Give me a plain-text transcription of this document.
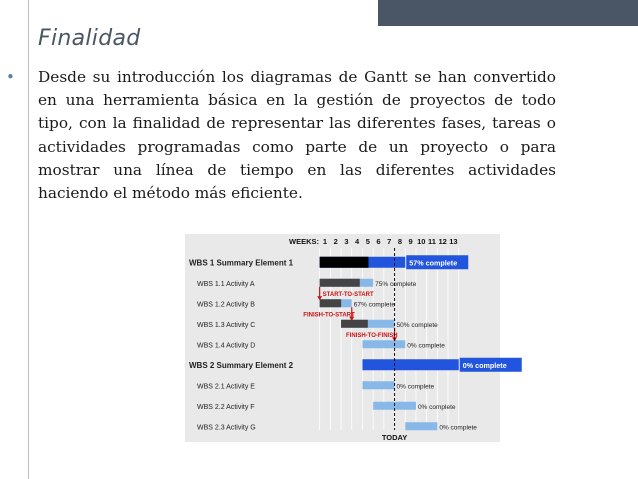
Finalidad
• Desde su introducción los diagramas de Gantt se han convertido en una herramienta básica en la gestión de proyectos de todo tipo, con la finalidad de representar las diferentes fases, tareas o actividades programadas como parte de un proyecto o para mostrar una línea de tiempo en las diferentes actividades haciendo el método más eficiente.
WEEKS: 1 2 3 4 5 6 7 8 9 10 11 12 13
WBS 1 Summary Element 1	57% complete
WBS 1.1 Activity A	75% complete
WBS 1.2 Activity B	67% complete
WBS 1.3 Activity C	50% complete
WBS 1.4 Activity D	0% complete
WBS 2 Summary Element 2	0% complete
WBS 2.1 Activity E	0% complete
WBS 2.2 Activity F	0% complete
WBS 2.3 Activity G	0% complete
START-TO-START
FINISH-TO-START
FINISH-TO-FINISH
TODAY
